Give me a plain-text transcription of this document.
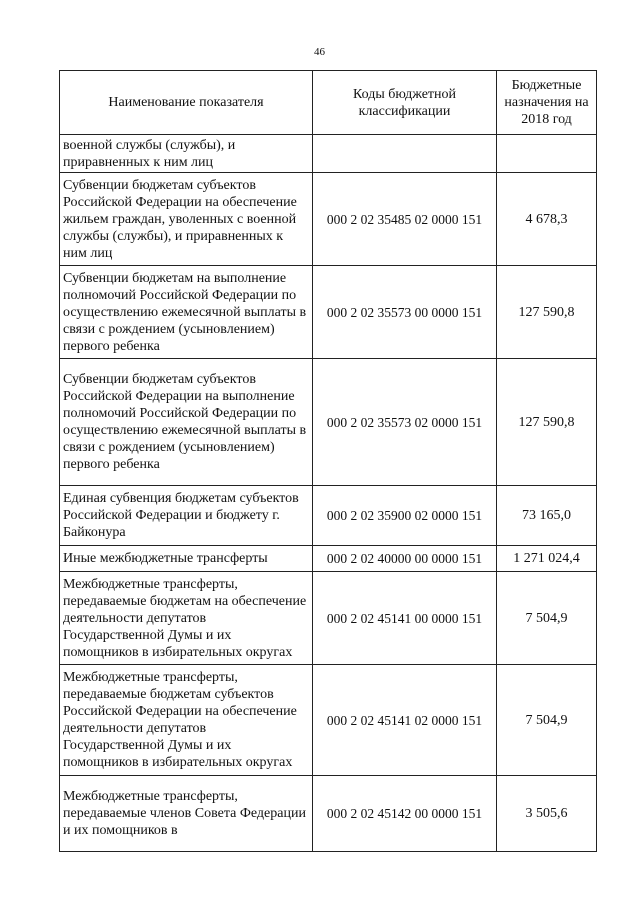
46
Наименование показателя	Коды бюджетной классификации	Бюджетные назначения на 2018 год
военной службы (службы), и приравненных к ним лиц		
Субвенции бюджетам субъектов Российской Федерации на обеспечение жильем граждан, уволенных с военной службы (службы), и приравненных к ним лиц	000 2 02 35485 02 0000 151	4 678,3
Субвенции бюджетам на выполнение полномочий Российской Федерации по осуществлению ежемесячной выплаты в связи с рождением (усыновлением) первого ребенка	000 2 02 35573 00 0000 151	127 590,8
Субвенции бюджетам субъектов Российской Федерации на выполнение полномочий Российской Федерации по осуществлению ежемесячной выплаты в связи с рождением (усыновлением) первого ребенка	000 2 02 35573 02 0000 151	127 590,8
Единая субвенция бюджетам субъектов Российской Федерации и бюджету г. Байконура	000 2 02 35900 02 0000 151	73 165,0
Иные межбюджетные трансферты	000 2 02 40000 00 0000 151	1 271 024,4
Межбюджетные трансферты, передаваемые бюджетам на обеспечение деятельности депутатов Государственной Думы и их помощников в избирательных округах	000 2 02 45141 00 0000 151	7 504,9
Межбюджетные трансферты, передаваемые бюджетам субъектов Российской Федерации на обеспечение деятельности депутатов Государственной Думы и их помощников в избирательных округах	000 2 02 45141 02 0000 151	7 504,9
Межбюджетные трансферты, передаваемые членов Совета Федерации и их помощников в	000 2 02 45142 00 0000 151	3 505,6
